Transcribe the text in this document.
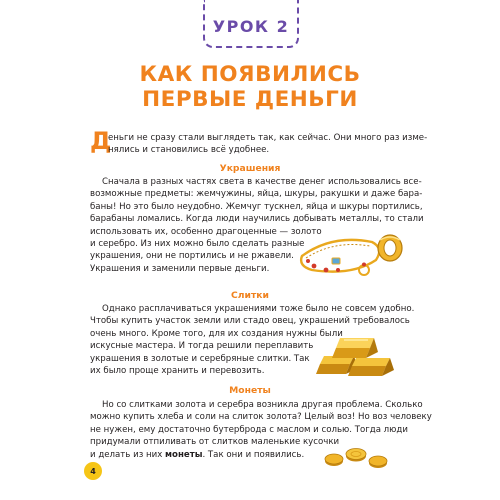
УРОК 2
КАК ПОЯВИЛИСЬ
ПЕРВЫЕ ДЕНЬГИ
Д
еньги не сразу стали выглядеть так, как сейчас. Они много раз изме-
нялись и становились всё удобнее.
Украшения
Сначала в разных частях света в качестве денег использовались все-
возможные предметы: жемчужины, яйца, шкуры, ракушки и даже бара-
баны! Но это было неудобно. Жемчуг тускнел, яйца и шкуры портились,
барабаны ломались. Когда люди научились добывать металлы, то стали
использовать их, особенно драгоценные — золото
и серебро. Из них можно было сделать разные
украшения, они не портились и не ржавели.
Украшения и заменили первые деньги.
Слитки
Однако расплачиваться украшениями тоже было не совсем удобно.
Чтобы купить участок земли или стадо овец, украшений требовалось
очень много. Кроме того, для их создания нужны были
искусные мастера. И тогда решили переплавить
украшения в золотые и серебряные слитки. Так
их было проще хранить и перевозить.
Монеты
Но со слитками золота и серебра возникла другая проблема. Сколько
можно купить хлеба и соли на слиток золота? Целый воз! Но воз человеку
не нужен, ему достаточно бутерброда с маслом и солью. Тогда люди
придумали отпиливать от слитков маленькие кусочки
и делать из них монеты. Так они и появились.
4
